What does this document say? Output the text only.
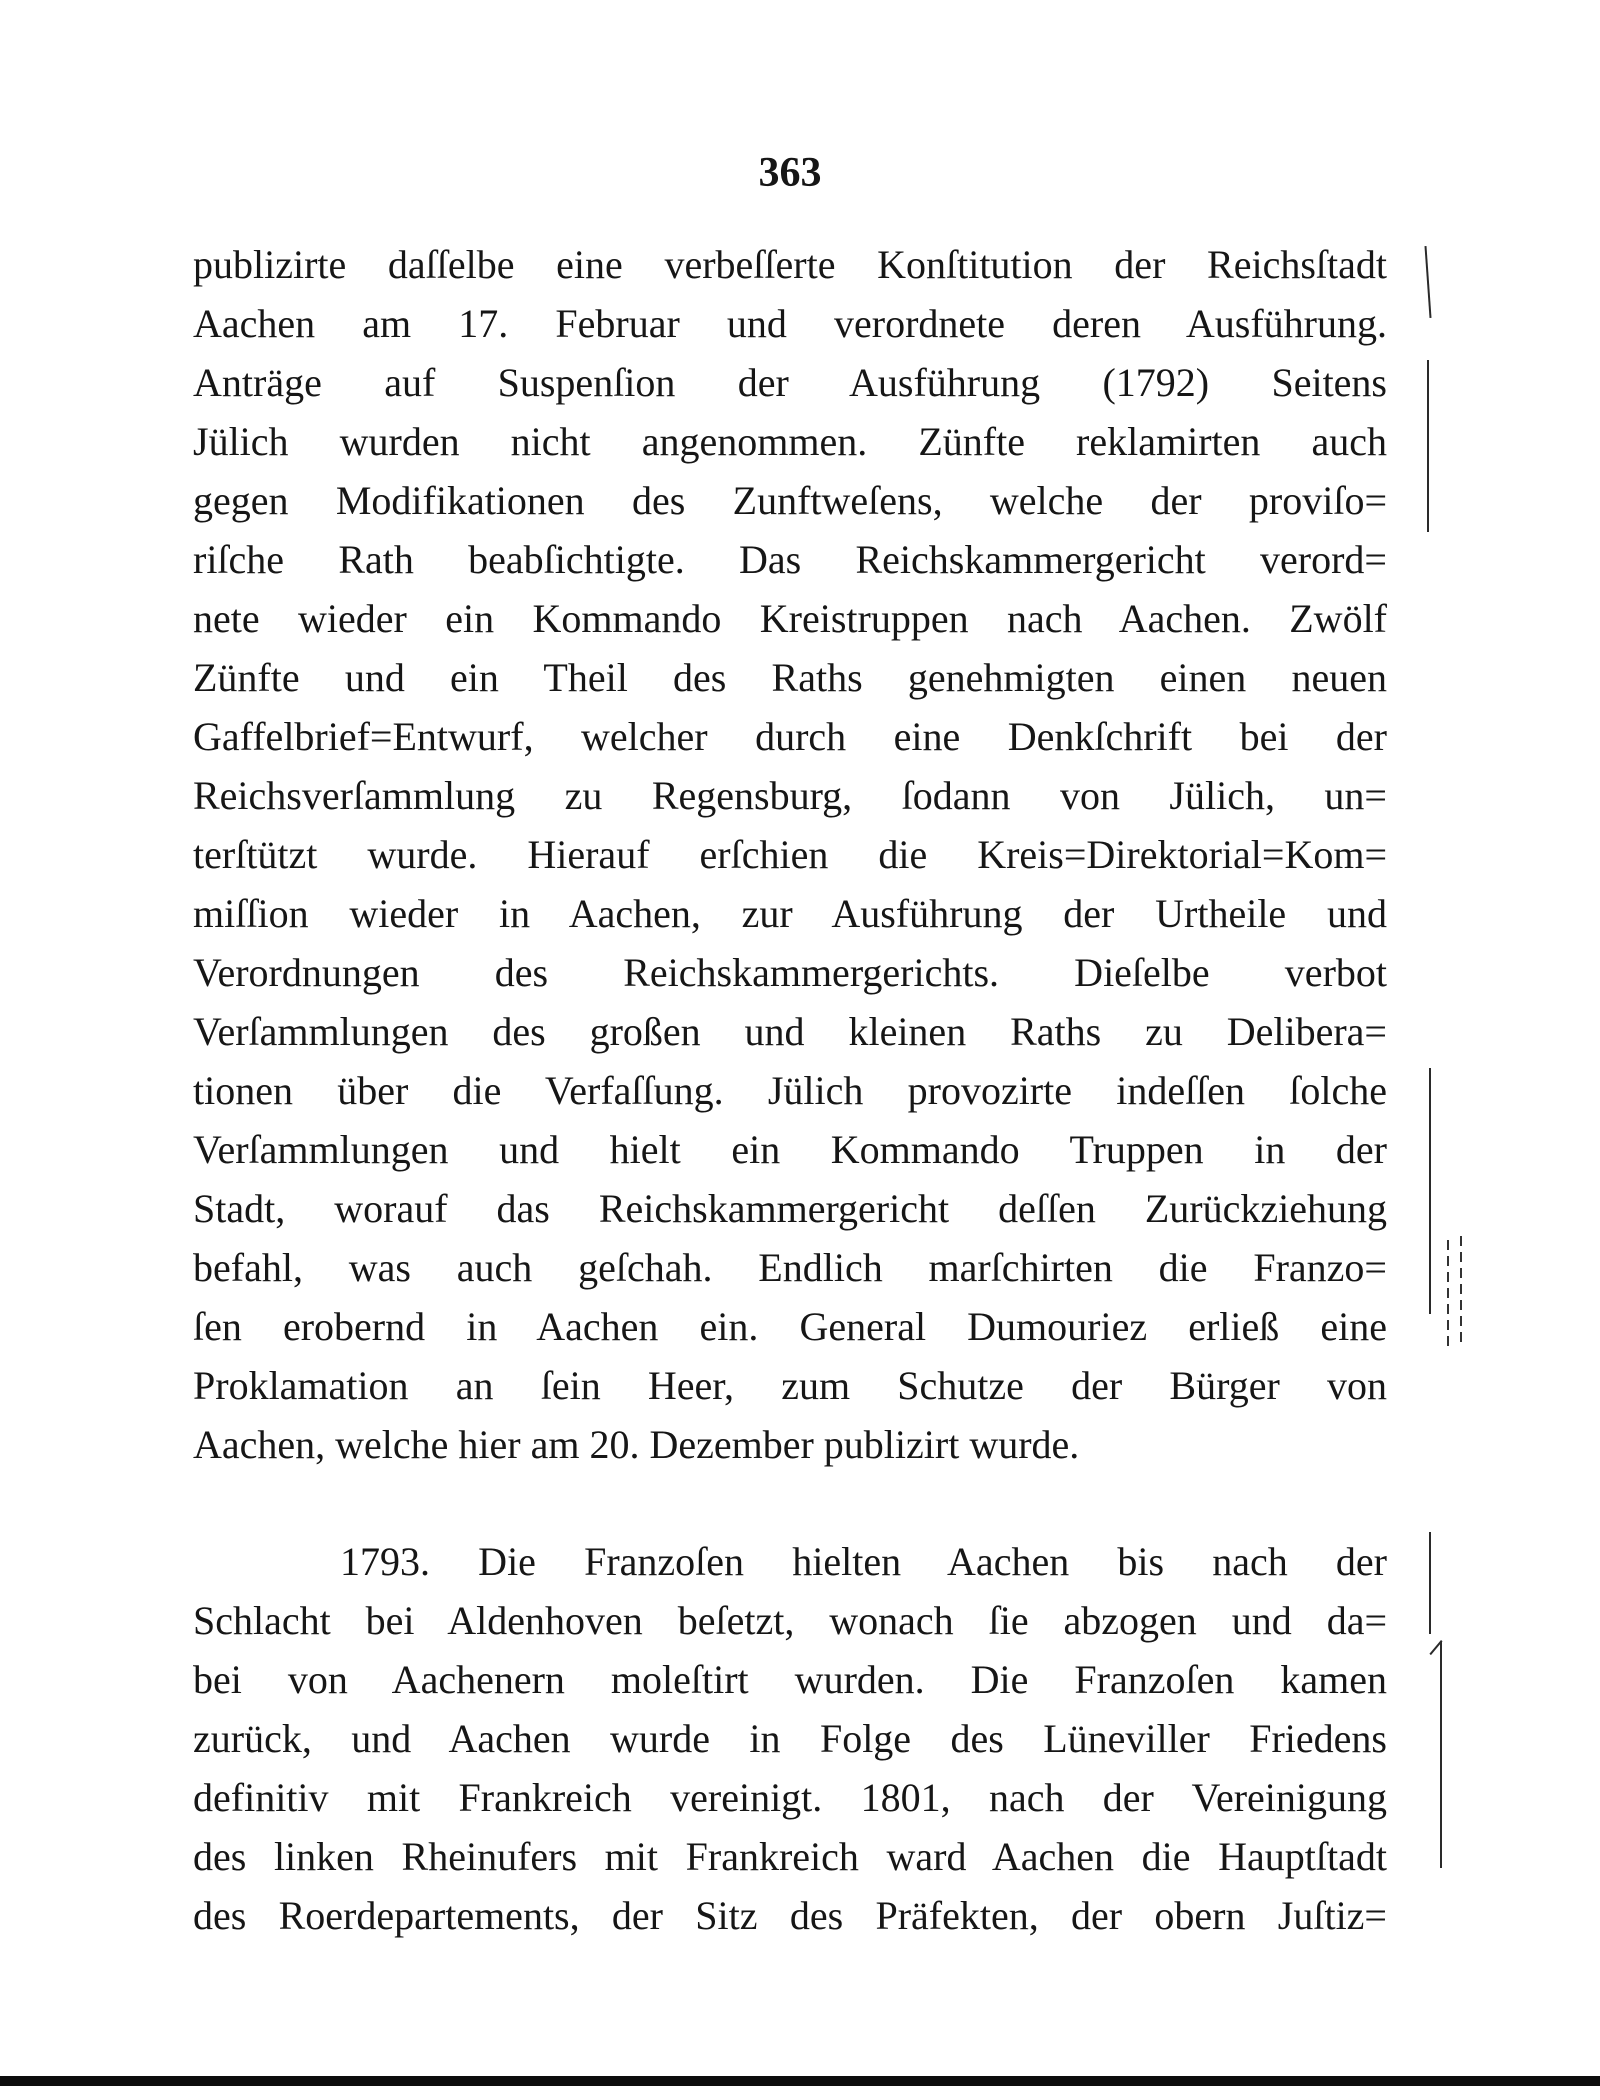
363
publizirte daſſelbe eine verbeſſerte Konſtitution der Reichsſtadt
Aachen am 17. Februar und verordnete deren Ausführung.
Anträge auf Suspenſion der Ausführung (1792) Seitens
Jülich wurden nicht angenommen. Zünfte reklamirten auch
gegen Modifikationen des Zunftweſens, welche der proviſo=
riſche Rath beabſichtigte. Das Reichskammergericht verord=
nete wieder ein Kommando Kreistruppen nach Aachen. Zwölf
Zünfte und ein Theil des Raths genehmigten einen neuen
Gaffelbrief=Entwurf, welcher durch eine Denkſchrift bei der
Reichsverſammlung zu Regensburg, ſodann von Jülich, un=
terſtützt wurde. Hierauf erſchien die Kreis=Direktorial=Kom=
miſſion wieder in Aachen, zur Ausführung der Urtheile und
Verordnungen des Reichskammergerichts. Dieſelbe verbot
Verſammlungen des großen und kleinen Raths zu Delibera=
tionen über die Verfaſſung. Jülich provozirte indeſſen ſolche
Verſammlungen und hielt ein Kommando Truppen in der
Stadt, worauf das Reichskammergericht deſſen Zurückziehung
befahl, was auch geſchah. Endlich marſchirten die Franzo=
ſen erobernd in Aachen ein. General Dumouriez erließ eine
Proklamation an ſein Heer, zum Schutze der Bürger von
Aachen, welche hier am 20. Dezember publizirt wurde.
1793. Die Franzoſen hielten Aachen bis nach der
Schlacht bei Aldenhoven beſetzt, wonach ſie abzogen und da=
bei von Aachenern moleſtirt wurden. Die Franzoſen kamen
zurück, und Aachen wurde in Folge des Lüneviller Friedens
definitiv mit Frankreich vereinigt. 1801, nach der Vereinigung
des linken Rheinufers mit Frankreich ward Aachen die Hauptſtadt
des Roerdepartements, der Sitz des Präfekten, der obern Juſtiz=
